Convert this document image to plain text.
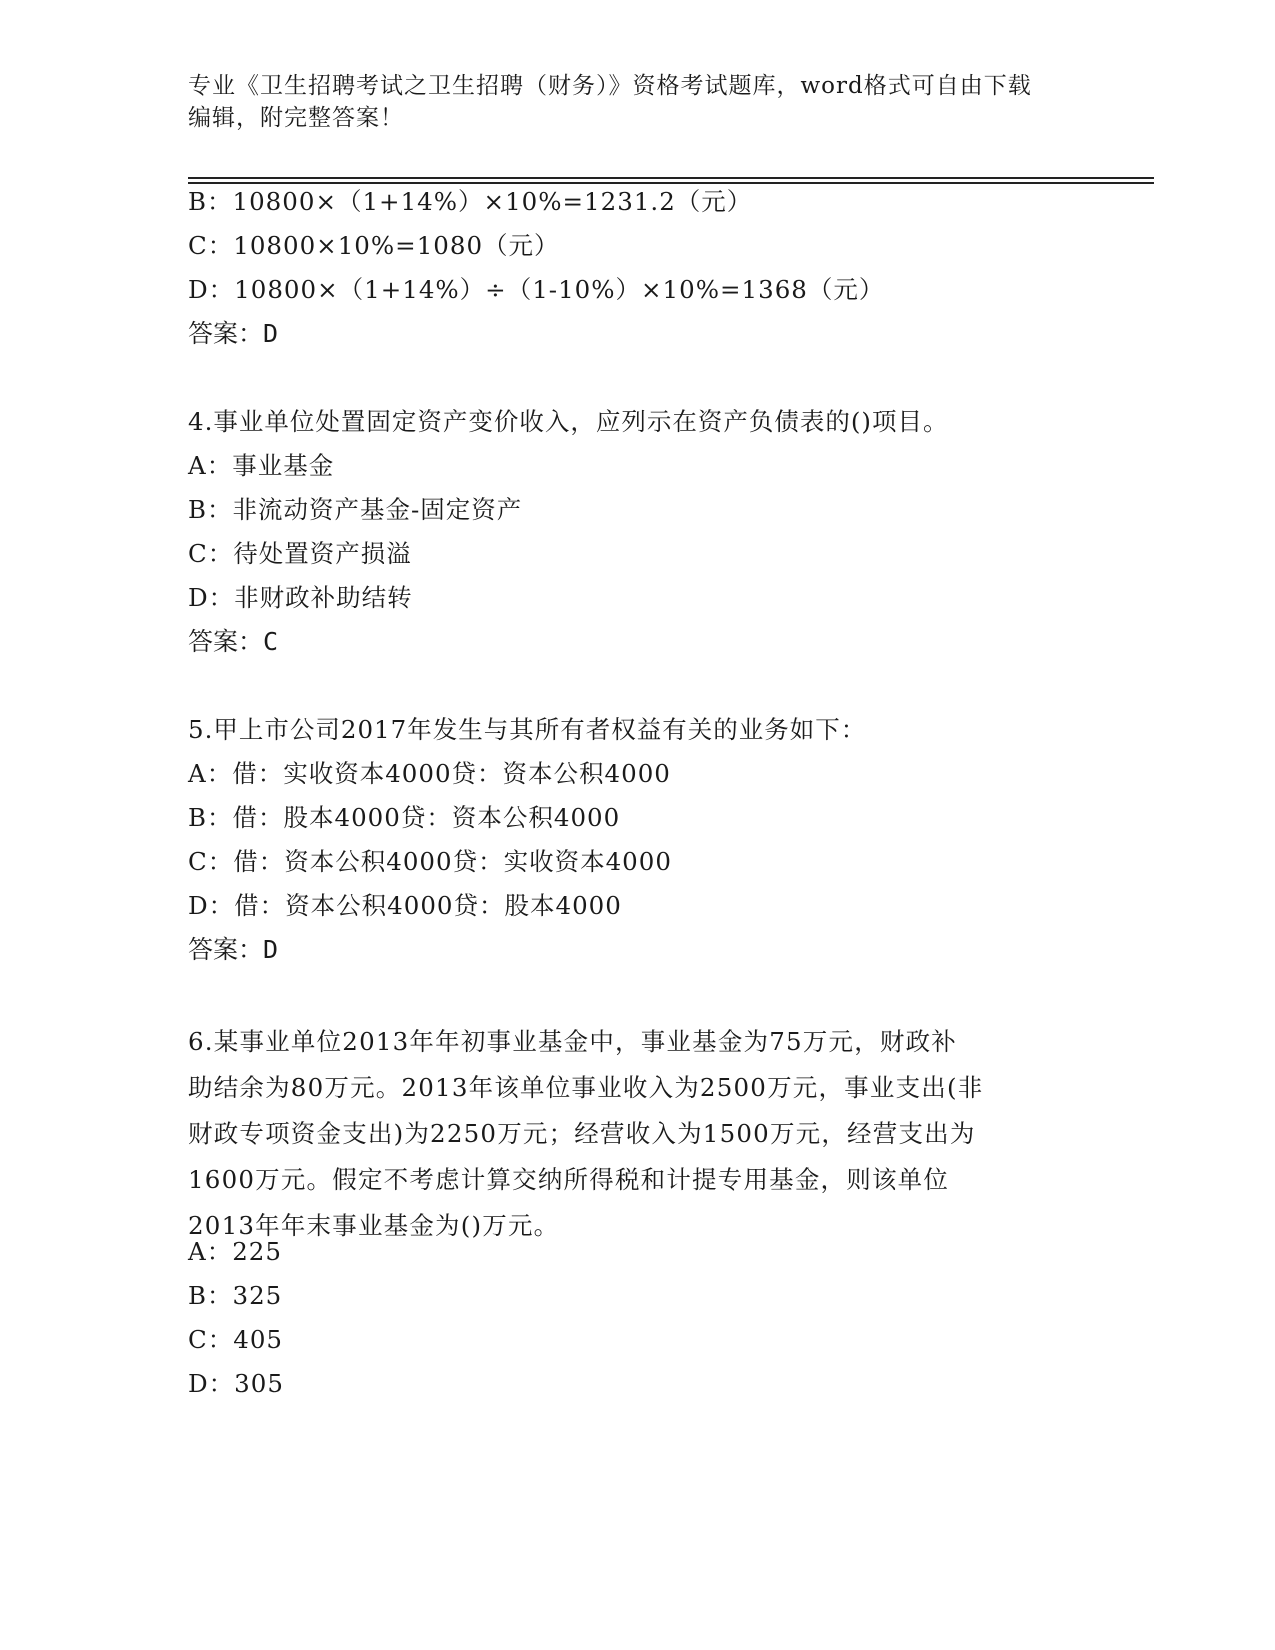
专业《卫生招聘考试之卫生招聘（财务）》资格考试题库，word格式可自由下载
编辑，附完整答案！
B：10800×（1+14%）×10%=1231.2（元）
C：10800×10%=1080（元）
D：10800×（1+14%）÷（1-10%）×10%=1368（元）
答案：D
4.事业单位处置固定资产变价收入，应列示在资产负债表的()项目。
A：事业基金
B：非流动资产基金-固定资产
C：待处置资产损溢
D：非财政补助结转
答案：C
5.甲上市公司2017年发生与其所有者权益有关的业务如下：
A：借：实收资本4000贷：资本公积4000
B：借：股本4000贷：资本公积4000
C：借：资本公积4000贷：实收资本4000
D：借：资本公积4000贷：股本4000
答案：D
6.某事业单位2013年年初事业基金中，事业基金为75万元，财政补
助结余为80万元。2013年该单位事业收入为2500万元，事业支出(非
财政专项资金支出)为2250万元；经营收入为1500万元，经营支出为
1600万元。假定不考虑计算交纳所得税和计提专用基金，则该单位
2013年年末事业基金为()万元。
A：225
B：325
C：405
D：305
